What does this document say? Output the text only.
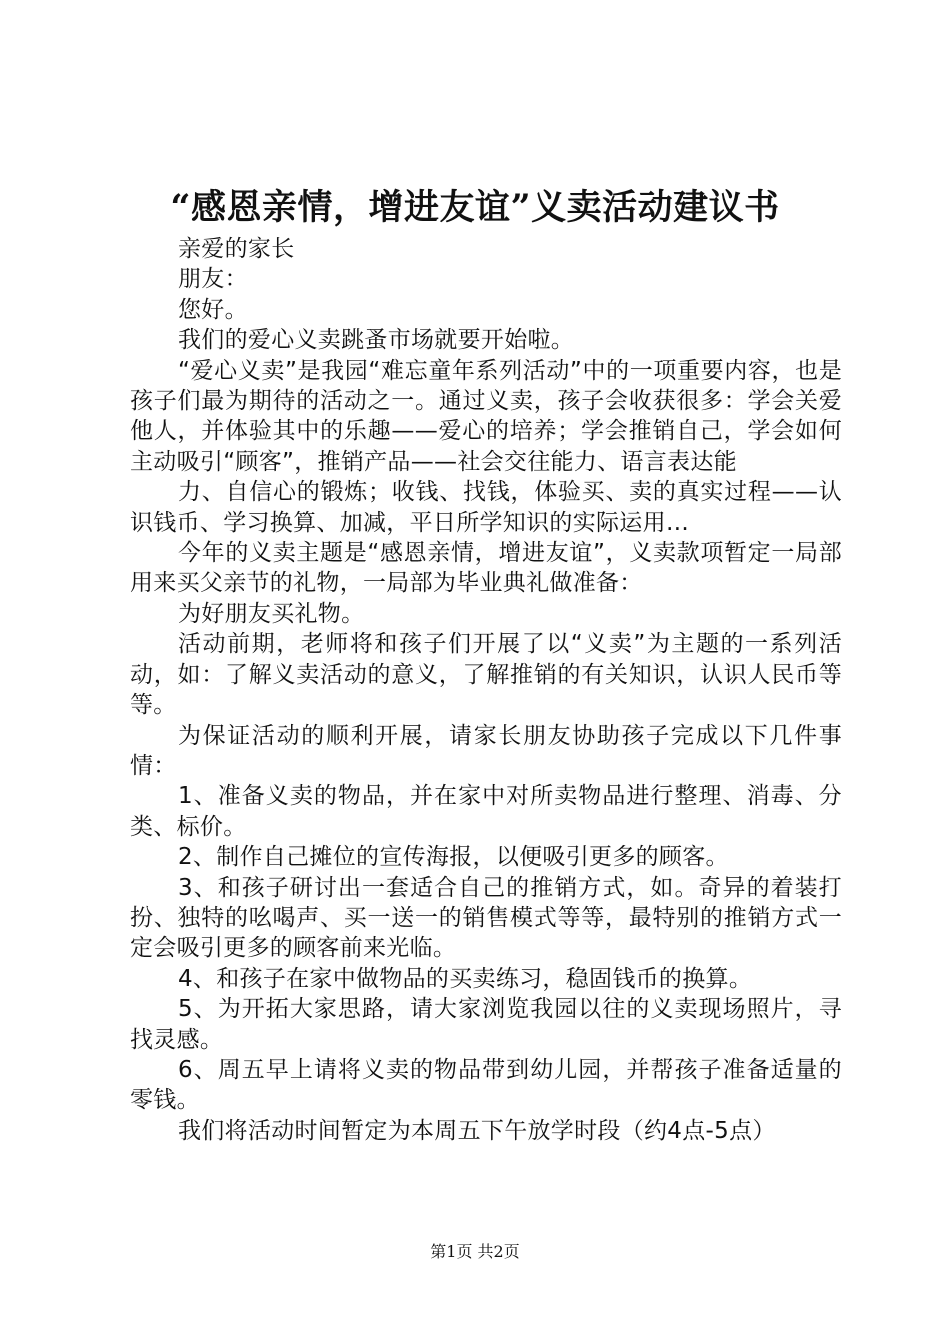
“感恩亲情，增进友谊”义卖活动建议书

亲爱的家长

朋友：

您好。

我们的爱心义卖跳蚤市场就要开始啦。

“爱心义卖”是我园“难忘童年系列活动”中的一项重要内容，也是孩子们最为期待的活动之一。通过义卖，孩子会收获很多：学会关爱他人，并体验其中的乐趣——爱心的培养；学会推销自己，学会如何主动吸引“顾客”，推销产品——社会交往能力、语言表达能

力、自信心的锻炼；收钱、找钱，体验买、卖的真实过程——认识钱币、学习换算、加减，平日所学知识的实际运用…

今年的义卖主题是“感恩亲情，增进友谊”，义卖款项暂定一局部用来买父亲节的礼物，一局部为毕业典礼做准备：

为好朋友买礼物。

活动前期，老师将和孩子们开展了以“义卖”为主题的一系列活动，如：了解义卖活动的意义，了解推销的有关知识，认识人民币等等。

为保证活动的顺利开展，请家长朋友协助孩子完成以下几件事情：

1、准备义卖的物品，并在家中对所卖物品进行整理、消毒、分类、标价。

2、制作自己摊位的宣传海报，以便吸引更多的顾客。

3、和孩子研讨出一套适合自己的推销方式，如。奇异的着装打扮、独特的吆喝声、买一送一的销售模式等等，最特别的推销方式一定会吸引更多的顾客前来光临。

4、和孩子在家中做物品的买卖练习，稳固钱币的换算。

5、为开拓大家思路，请大家浏览我园以往的义卖现场照片，寻找灵感。

6、周五早上请将义卖的物品带到幼儿园，并帮孩子准备适量的零钱。

我们将活动时间暂定为本周五下午放学时段（约4点-5点）

第1页 共2页
